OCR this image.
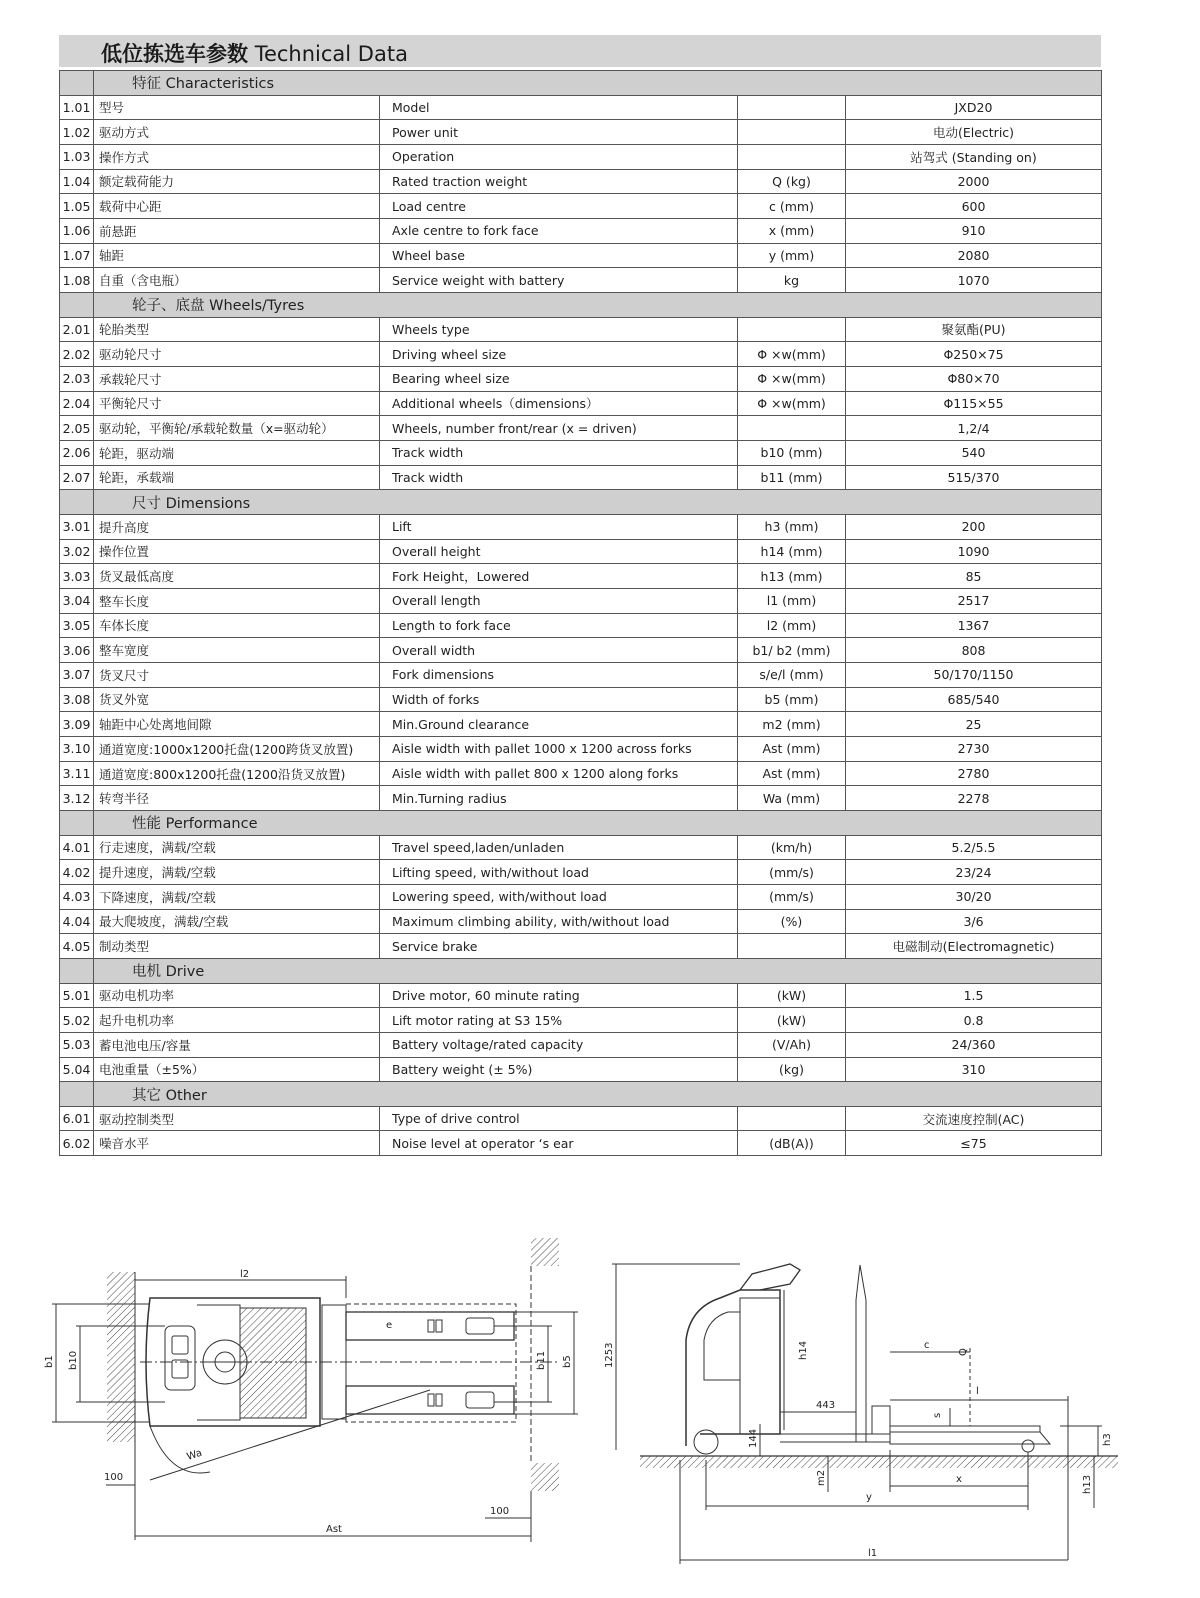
低位拣选车参数 Technical Data
	特征 Characteristics			
1.01	型号	Model		JXD20
1.02	驱动方式	Power unit		电动(Electric)
1.03	操作方式	Operation		站驾式 (Standing on)
1.04	额定载荷能力	Rated traction weight	Q (kg)	2000
1.05	载荷中心距	Load centre	c (mm)	600
1.06	前悬距	Axle centre to fork face	x (mm)	910
1.07	轴距	Wheel base	y (mm)	2080
1.08	自重（含电瓶）	Service weight with battery	kg	1070
	轮子、底盘 Wheels/Tyres			
2.01	轮胎类型	Wheels type		聚氨酯(PU)
2.02	驱动轮尺寸	Driving wheel size	Φ ×w(mm)	Φ250×75
2.03	承载轮尺寸	Bearing wheel size	Φ ×w(mm)	Φ80×70
2.04	平衡轮尺寸	Additional wheels（dimensions）	Φ ×w(mm)	Φ115×55
2.05	驱动轮，平衡轮/承载轮数量（x=驱动轮）	Wheels, number front/rear (x = driven)		1,2/4
2.06	轮距，驱动端	Track width	b10 (mm)	540
2.07	轮距，承载端	Track width	b11 (mm)	515/370
	尺寸 Dimensions			
3.01	提升高度	Lift	h3 (mm)	200
3.02	操作位置	Overall height	h14 (mm)	1090
3.03	货叉最低高度	Fork Height，Lowered	h13 (mm)	85
3.04	整车长度	Overall length	l1 (mm)	2517
3.05	车体长度	Length to fork face	l2 (mm)	1367
3.06	整车宽度	Overall width	b1/ b2 (mm)	808
3.07	货叉尺寸	Fork dimensions	s/e/l (mm)	50/170/1150
3.08	货叉外宽	Width of forks	b5 (mm)	685/540
3.09	轴距中心处离地间隙	Min.Ground clearance	m2 (mm)	25
3.10	通道宽度:1000x1200托盘(1200跨货叉放置)	Aisle width with pallet 1000 x 1200 across forks	Ast (mm)	2730
3.11	通道宽度:800x1200托盘(1200沿货叉放置)	Aisle width with pallet 800 x 1200 along forks	Ast (mm)	2780
3.12	转弯半径	Min.Turning radius	Wa (mm)	2278
	性能 Performance			
4.01	行走速度，满载/空载	Travel speed,laden/unladen	(km/h)	5.2/5.5
4.02	提升速度，满载/空载	Lifting speed, with/without load	(mm/s)	23/24
4.03	下降速度，满载/空载	Lowering speed, with/without load	(mm/s)	30/20
4.04	最大爬坡度，满载/空载	Maximum climbing ability, with/without load	(%)	3/6
4.05	制动类型	Service brake		电磁制动(Electromagnetic)
	电机 Drive			
5.01	驱动电机功率	Drive motor, 60 minute rating	(kW)	1.5
5.02	起升电机功率	Lift motor rating at S3 15%	(kW)	0.8
5.03	蓄电池电压/容量	Battery voltage/rated capacity	(V/Ah)	24/360
5.04	电池重量（±5%）	Battery weight (± 5%)	(kg)	310
	其它 Other			
6.01	驱动控制类型	Type of drive control		交流速度控制(AC)
6.02	噪音水平	Noise level at operator ‘s ear	(dB(A))	≤75
l2
b1 b10	b11 b5
e
Wa
100
100
Ast
1253	h14
443
144
m2
y
c
Q
l
s
x
h3
h13
l1
